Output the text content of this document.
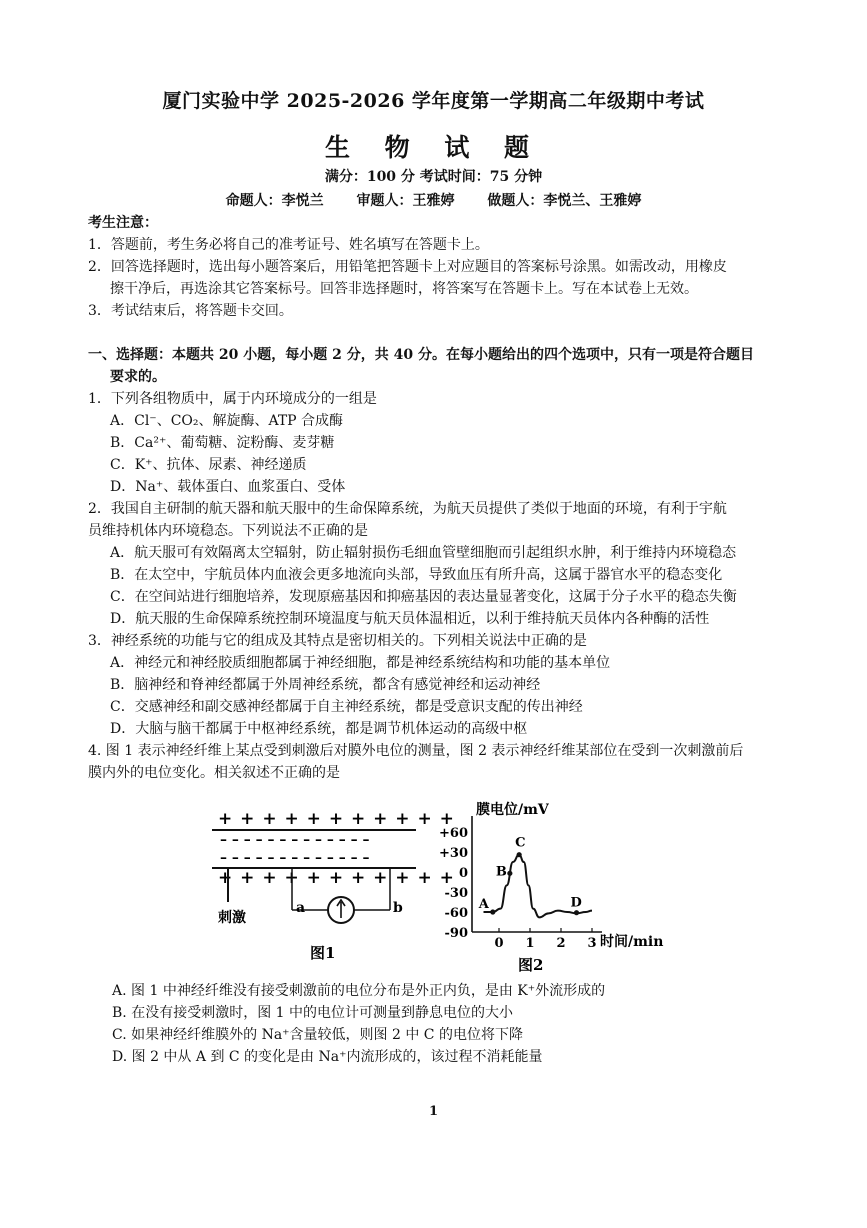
厦门实验中学 2025-2026 学年度第一学期高二年级期中考试
生 物 试 题
满分：100 分 考试时间：75 分钟
命题人：李悦兰 审题人：王雅婷 做题人：李悦兰、王雅婷
考生注意：
1．答题前，考生务必将自己的准考证号、姓名填写在答题卡上。
2．回答选择题时，选出每小题答案后，用铅笔把答题卡上对应题目的答案标号涂黑。如需改动，用橡皮
擦干净后，再选涂其它答案标号。回答非选择题时，将答案写在答题卡上。写在本试卷上无效。
3．考试结束后，将答题卡交回。
一、选择题：本题共 20 小题，每小题 2 分，共 40 分。在每小题给出的四个选项中，只有一项是符合题目
要求的。
1．下列各组物质中，属于内环境成分的一组是
A．Cl⁻、CO₂、解旋酶、ATP 合成酶
B．Ca²⁺、葡萄糖、淀粉酶、麦芽糖
C．K⁺、抗体、尿素、神经递质
D．Na⁺、载体蛋白、血浆蛋白、受体
2．我国自主研制的航天器和航天服中的生命保障系统，为航天员提供了类似于地面的环境，有利于宇航
员维持机体内环境稳态。下列说法不正确的是
A．航天服可有效隔离太空辐射，防止辐射损伤毛细血管壁细胞而引起组织水肿，利于维持内环境稳态
B．在太空中，宇航员体内血液会更多地流向头部，导致血压有所升高，这属于器官水平的稳态变化
C．在空间站进行细胞培养，发现原癌基因和抑癌基因的表达量显著变化，这属于分子水平的稳态失衡
D．航天服的生命保障系统控制环境温度与航天员体温相近，以利于维持航天员体内各种酶的活性
3．神经系统的功能与它的组成及其特点是密切相关的。下列相关说法中正确的是
A．神经元和神经胶质细胞都属于神经细胞，都是神经系统结构和功能的基本单位
B．脑神经和脊神经都属于外周神经系统，都含有感觉神经和运动神经
C．交感神经和副交感神经都属于自主神经系统，都是受意识支配的传出神经
D．大脑与脑干都属于中枢神经系统，都是调节机体运动的高级中枢
4. 图 1 表示神经纤维上某点受到刺激后对膜外电位的测量，图 2 表示神经纤维某部位在受到一次刺激前后
膜内外的电位变化。相关叙述不正确的是
+ + + + + + + + + + +
– – – – – – – – – – – – –
– – – – – – – – – – – – –
+ + + + + + + + + + +
刺激
a	b
图1
膜电位/mV
+60
+30
0
-30
-60
-90
0 1 2 3
A
B
C
D
时间/min
图2
A. 图 1 中神经纤维没有接受刺激前的电位分布是外正内负，是由 K⁺外流形成的
B. 在没有接受刺激时，图 1 中的电位计可测量到静息电位的大小
C. 如果神经纤维膜外的 Na⁺含量较低，则图 2 中 C 的电位将下降
D. 图 2 中从 A 到 C 的变化是由 Na⁺内流形成的，该过程不消耗能量
1
